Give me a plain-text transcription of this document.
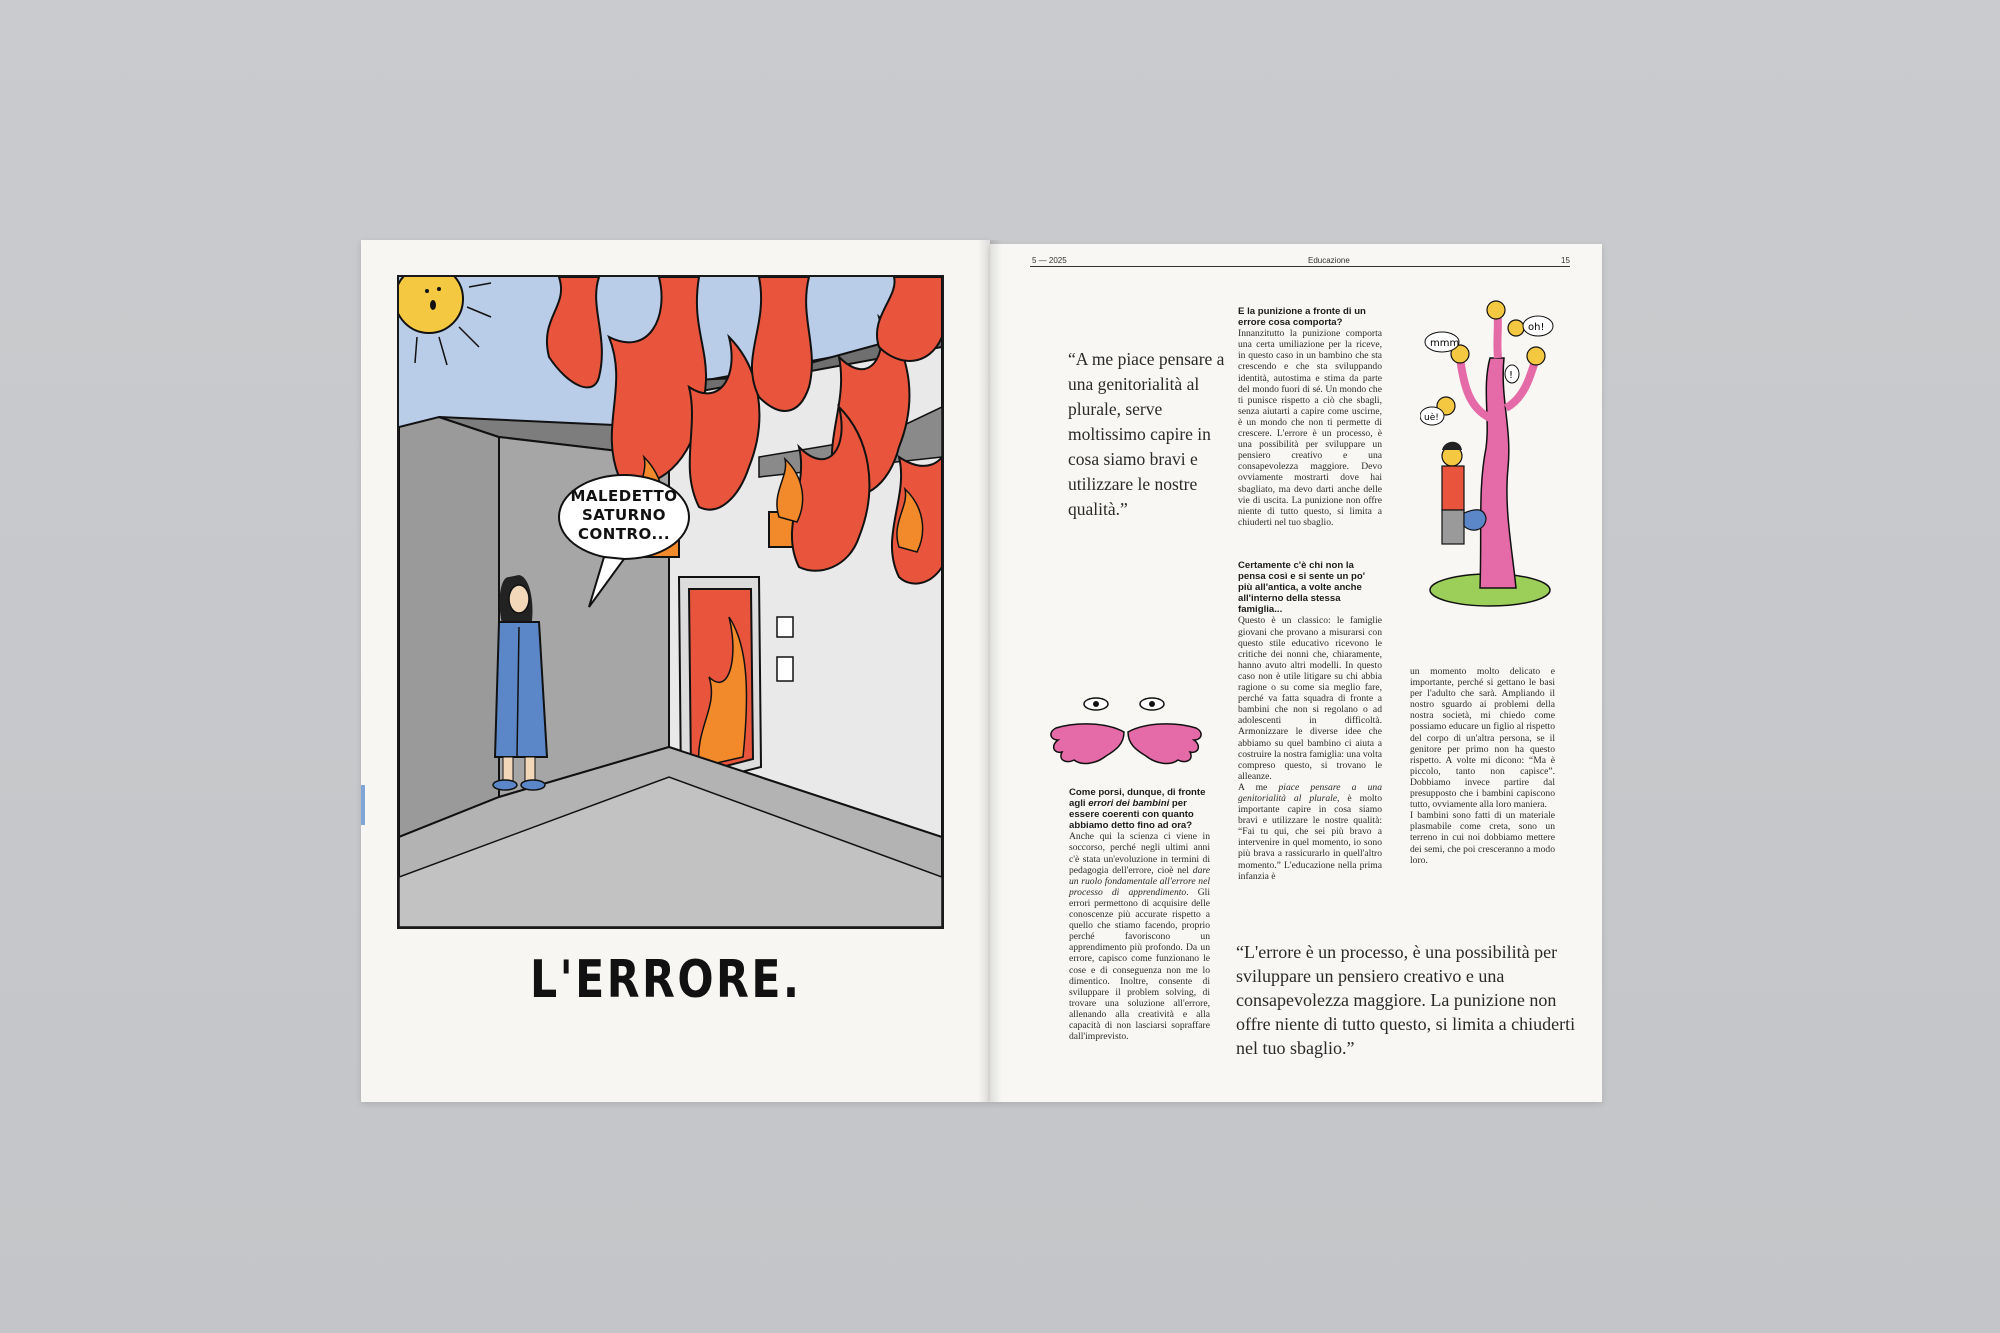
MALEDETTO
SATURNO
CONTRO...
L'ERRORE.
5 — 2025	Educazione	15
“A me piace pensare a una genitorialità al plurale, serve moltissimo capire in cosa siamo bravi e utilizzare le nostre qualità.”
“L'errore è un processo, è una possibilità per sviluppare un pensiero creativo e una consapevolezza maggiore. La punizione non offre niente di tutto questo, si limita a chiuderti nel tuo sbaglio.”
E la punizione a fronte di un errore cosa comporta?

Innanzitutto la punizione comporta una certa umiliazione per la riceve, in questo caso in un bambino che sta crescendo e che sta sviluppando identità, autostima e stima da parte del mondo fuori di sé. Un mondo che ti punisce rispetto a ciò che sbagli, senza aiutarti a capire come uscirne, è un mondo che non ti permette di crescere. L'errore è un processo, è una possibilità per sviluppare un pensiero creativo e una consapevolezza maggiore. Devo ovviamente mostrarti dove hai sbagliato, ma devo darti anche delle vie di uscita. La punizione non offre niente di tutto questo, si limita a chiuderti nel tuo sbaglio.

Certamente c'è chi non la pensa così e si sente un po' più all'antica, a volte anche all'interno della stessa famiglia...

Questo è un classico: le famiglie giovani che provano a misurarsi con questo stile educativo ricevono le critiche dei nonni che, chiaramente, hanno avuto altri modelli. In questo caso non è utile litigare su chi abbia ragione o su come sia meglio fare, perché va fatta squadra di fronte a bambini che non si regolano o ad adolescenti in difficoltà. Armonizzare le diverse idee che abbiamo su quel bambino ci aiuta a costruire la nostra famiglia: una volta compreso questo, si trovano le alleanze.

A me piace pensare a una genitorialità al plurale, è molto importante capire in cosa siamo bravi e utilizzare le nostre qualità: “Fai tu qui, che sei più bravo a intervenire in quel momento, io sono più brava a rassicurarlo in quell'altro momento.” L'educazione nella prima infanzia è

Come porsi, dunque, di fronte agli errori dei bambini per essere coerenti con quanto abbiamo detto fino ad ora?

Anche qui la scienza ci viene in soccorso, perché negli ultimi anni c'è stata un'evoluzione in termini di pedagogia dell'errore, cioè nel dare un ruolo fondamentale all'errore nel processo di apprendimento. Gli errori permettono di acquisire delle conoscenze più accurate rispetto a quello che stiamo facendo, proprio perché favoriscono un apprendimento più profondo. Da un errore, capisco come funzionano le cose e di conseguenza non me lo dimentico. Inoltre, consente di sviluppare il problem solving, di trovare una soluzione all'errore, allenando alla creatività e alla capacità di non lasciarsi sopraffare dall'imprevisto.

un momento molto delicato e importante, perché si gettano le basi per l'adulto che sarà. Ampliando il nostro sguardo ai problemi della nostra società, mi chiedo come possiamo educare un figlio al rispetto del corpo di un'altra persona, se il genitore per primo non ha questo rispetto. A volte mi dicono: “Ma è piccolo, tanto non capisce”. Dobbiamo invece partire dal presupposto che i bambini capiscono tutto, ovviamente alla loro maniera.

I bambini sono fatti di un materiale plasmabile come creta, sono un terreno in cui noi dobbiamo mettere dei semi, che poi cresceranno a modo loro.

mmm
oh!
uè!
!
